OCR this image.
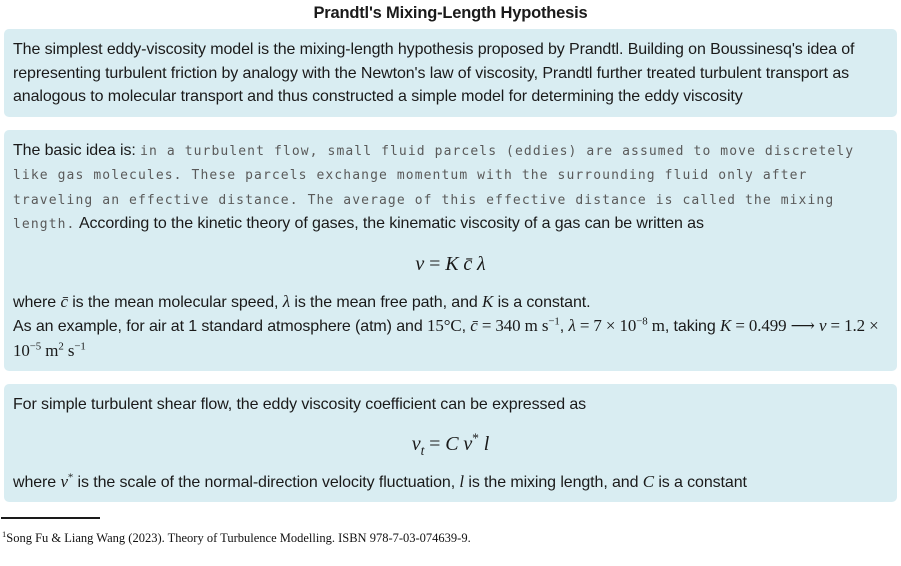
Prandtl's Mixing-Length Hypothesis

The simplest eddy-viscosity model is the mixing-length hypothesis proposed by Prandtl. Building on Boussinesq's idea of representing turbulent friction by analogy with the Newton's law of viscosity, Prandtl further treated turbulent transport as analogous to molecular transport and thus constructed a simple model for determining the eddy viscosity

The basic idea is: in a turbulent flow, small fluid parcels (eddies) are assumed to move discretely like gas molecules. These parcels exchange momentum with the surrounding fluid only after traveling an effective distance. The average of this effective distance is called the mixing length. According to the kinetic theory of gases, the kinematic viscosity of a gas can be written as

ν = K c̄ λ

where c̄ is the mean molecular speed, λ is the mean free path, and K is a constant.

As an example, for air at 1 standard atmosphere (atm) and 15°C, c̄ = 340 m $s^{-1}$, $\lambda = 7 \times 10^{-8}$ m, taking K = 0.499 ⟶ $\nu = 1.2 \times 10^{-5}$ $m^2$ $s^{-1}$

For simple turbulent shear flow, the eddy viscosity coefficient can be expressed as

$\nu_t = C$ v* l

where v* is the scale of the normal-direction velocity fluctuation, l is the mixing length, and C is a constant

$^1$Song Fu & Liang Wang (2023). Theory of Turbulence Modelling. ISBN 978-7-03-074639-9.
